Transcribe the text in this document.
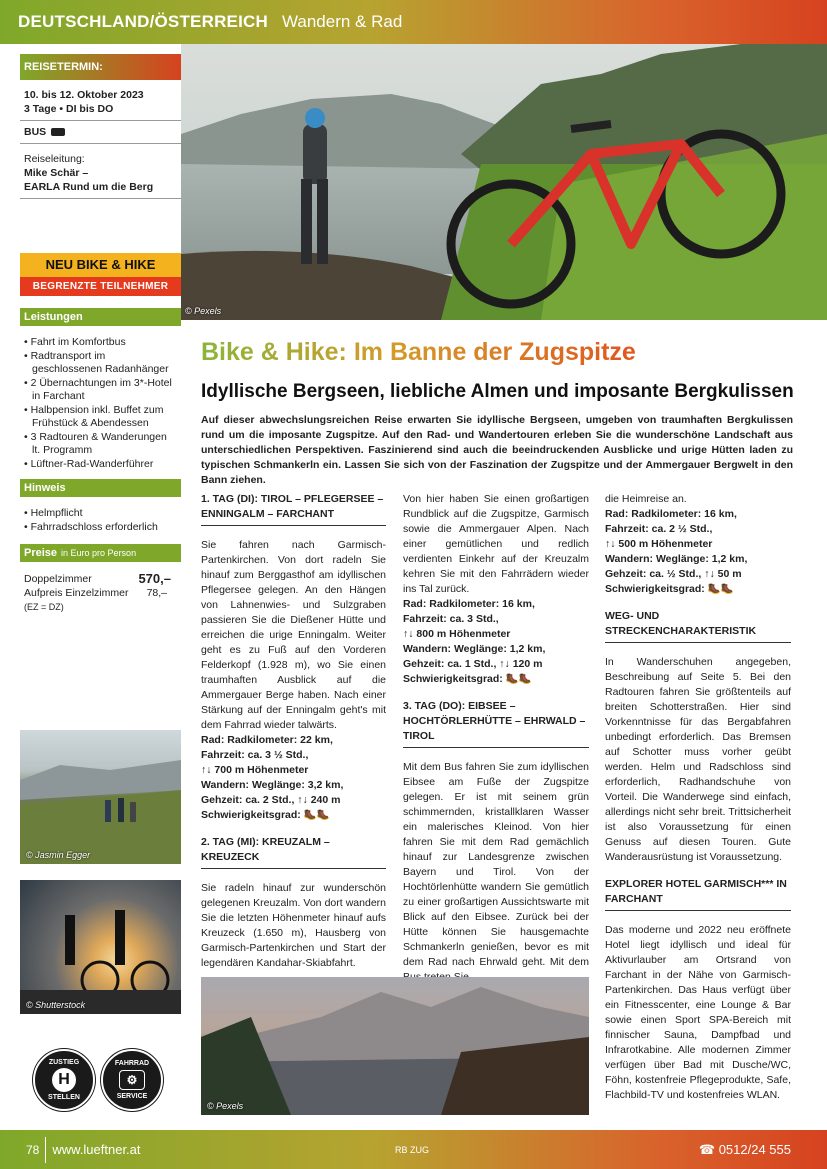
DEUTSCHLAND/ÖSTERREICH Wandern & Rad
© Pexels
REISETERMIN:
10. bis 12. Oktober 2023
3 Tage • DI bis DO
BUS
Reiseleitung:
Mike Schär –
EARLA Rund um die Berg
NEU BIKE & HIKE
BEGRENZTE TEILNEHMER
Leistungen
• Fahrt im Komfortbus
• Radtransport im geschlossenen Radanhänger
• 2 Übernachtungen im 3*-Hotel in Farchant
• Halbpension inkl. Buffet zum Frühstück & Abendessen
• 3 Radtouren & Wanderungen lt. Programm
• Lüftner-Rad-Wanderführer
Hinweis
• Helmpflicht
• Fahrradschloss erforderlich
Preise in Euro pro Person
Doppelzimmer	570,–
Aufpreis Einzelzimmer 78,–
(EZ = DZ)
© Jasmin Egger
© Shutterstock
ZUSTIEG
H
STELLEN
FAHRRAD
⚙
SERVICE
Bike & Hike: Im Banne der Zugspitze
Idyllische Bergseen, liebliche Almen und imposante Bergkulissen
Auf dieser abwechslungsreichen Reise erwarten Sie idyllische Bergseen, umgeben von traumhaften Bergkulissen rund um die imposante Zugspitze. Auf den Rad- und Wandertouren erleben Sie die wunderschöne Landschaft aus unterschiedlichen Perspektiven. Faszinierend sind auch die beeindruckenden Ausblicke und urige Hütten laden zu typischen Schmankerln ein. Lassen Sie sich von der Faszination der Zugspitze und der Ammergauer Bergwelt in den Bann ziehen.
1. TAG (DI): TIROL – PFLEGERSEE – ENNINGALM – FARCHANT
Sie fahren nach Garmisch-Partenkirchen. Von dort radeln Sie hinauf zum Berggasthof am idyllischen Pflegersee gelegen. An den Hängen von Lahnenwies- und Sulzgraben passieren Sie die Dießener Hütte und erreichen die urige Enningalm. Weiter geht es zu Fuß auf den Vorderen Felderkopf (1.928 m), wo Sie einen traumhaften Ausblick auf die Ammergauer Berge haben. Nach einer Stärkung auf der Enningalm geht's mit dem Fahrrad wieder talwärts.
Rad: Radkilometer: 22 km,
Fahrzeit: ca. 3 ½ Std.,
↑↓ 700 m Höhenmeter
Wandern: Weglänge: 3,2 km,
Gehzeit: ca. 2 Std., ↑↓ 240 m
Schwierigkeitsgrad: 🥾🥾
2. TAG (MI): KREUZALM – KREUZECK
Sie radeln hinauf zur wunderschön gelegenen Kreuzalm. Von dort wandern Sie die letzten Höhenmeter hinauf aufs Kreuzeck (1.650 m), Hausberg von Garmisch-Partenkirchen und Start der legendären Kandahar-Skiabfahrt.
Von hier haben Sie einen großartigen Rundblick auf die Zugspitze, Garmisch sowie die Ammergauer Alpen. Nach einer gemütlichen und redlich verdienten Einkehr auf der Kreuzalm kehren Sie mit den Fahrrädern wieder ins Tal zurück.
Rad: Radkilometer: 16 km,
Fahrzeit: ca. 3 Std.,
↑↓ 800 m Höhenmeter
Wandern: Weglänge: 1,2 km,
Gehzeit: ca. 1 Std., ↑↓ 120 m
Schwierigkeitsgrad: 🥾🥾
3. TAG (DO): EIBSEE – HOCHTÖRLERHÜTTE – EHRWALD – TIROL
Mit dem Bus fahren Sie zum idyllischen Eibsee am Fuße der Zugspitze gelegen. Er ist mit seinem grün schimmernden, kristallklaren Wasser ein malerisches Kleinod. Von hier fahren Sie mit dem Rad gemächlich hinauf zur Landesgrenze zwischen Bayern und Tirol. Von der Hochtörlenhütte wandern Sie gemütlich zu einer großartigen Aussichtswarte mit Blick auf den Eibsee. Zurück bei der Hütte können Sie hausgemachte Schmankerln genießen, bevor es mit dem Rad nach Ehrwald geht. Mit dem
die Heimreise an.
Rad: Radkilometer: 16 km,
Fahrzeit: ca. 2 ½ Std.,
↑↓ 500 m Höhenmeter
Wandern: Weglänge: 1,2 km,
Gehzeit: ca. ½ Std., ↑↓ 50 m
Schwierigkeitsgrad: 🥾🥾
WEG- UND STRECKENCHARAKTERISTIK
In Wanderschuhen angegeben, Beschreibung auf Seite 5. Bei den Radtouren fahren Sie größtenteils auf breiten Schotterstraßen. Hier sind Vorkenntnisse für das Bergabfahren unbedingt erforderlich. Das Bremsen auf Schotter muss vorher geübt werden. Helm und Radschloss sind erforderlich, Radhandschuhe von Vorteil. Die Wanderwege sind einfach, allerdings nicht sehr breit. Trittsicherheit ist also Voraussetzung für einen Genuss auf diesen Touren. Gute Wanderausrüstung ist Voraussetzung.
EXPLORER HOTEL GARMISCH*** IN FARCHANT
Das moderne und 2022 neu eröffnete Hotel liegt idyllisch und ideal für Aktivurlauber am Ortsrand von Farchant in der Nähe von Garmisch-Partenkirchen. Das Haus verfügt über ein Fitnesscenter, eine Lounge & Bar sowie einen Sport SPA-Bereich mit finnischer Sauna, Dampfbad und Infrarotkabine. Alle modernen Zimmer verfügen über Bad mit Dusche/WC, Föhn, kostenfreie Pflegeprodukte, Safe, Flachbild-TV und kostenfreies WLAN.
© Pexels
78 www.lueftner.at	RB ZUG	☎ 0512/24 555
